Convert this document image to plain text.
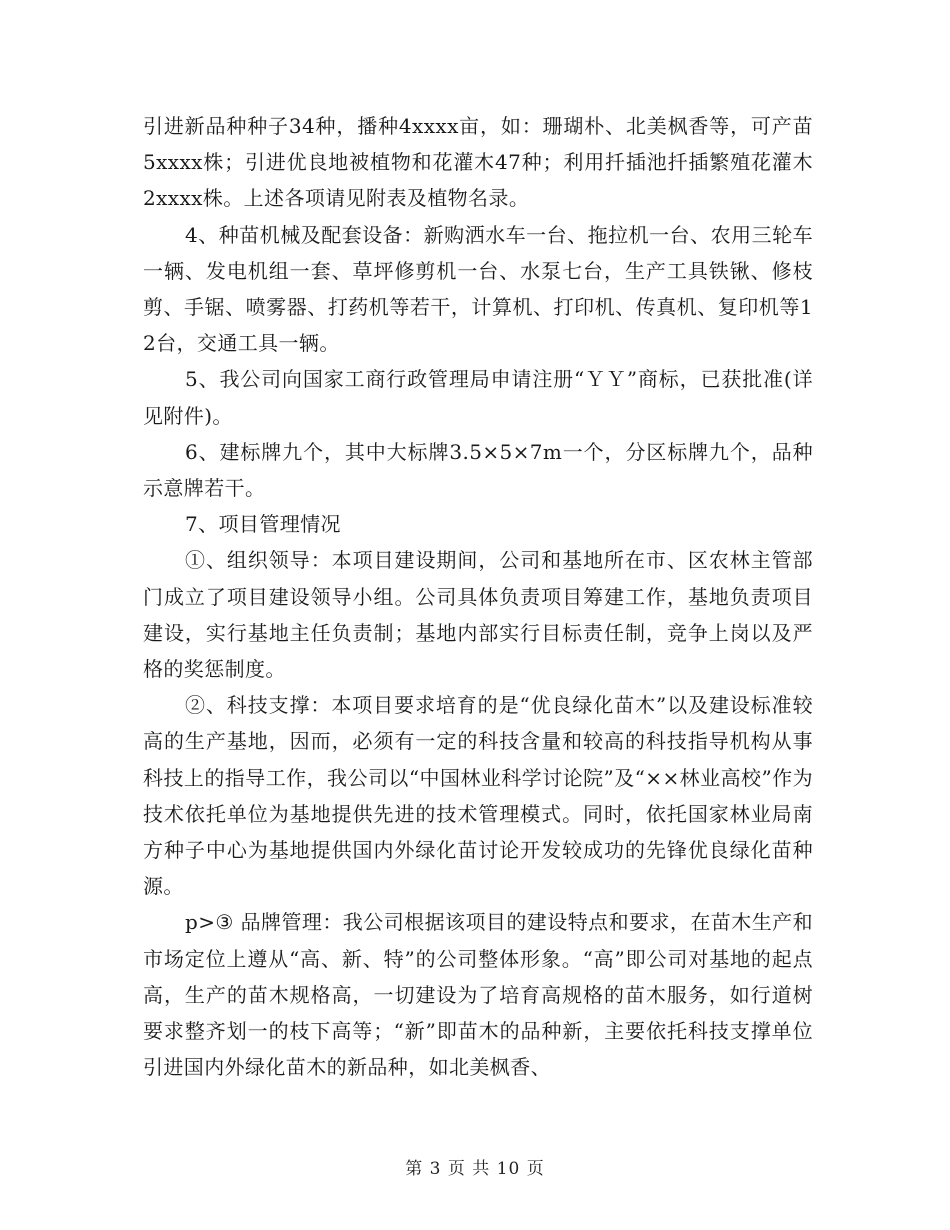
引进新品种种子34种，播种4xxxx亩，如：珊瑚朴、北美枫香等，可产苗5xxxx株；引进优良地被植物和花灌木47种；利用扦插池扦插繁殖花灌木2xxxx株。上述各项请见附表及植物名录。

4、种苗机械及配套设备：新购洒水车一台、拖拉机一台、农用三轮车一辆、发电机组一套、草坪修剪机一台、水泵七台，生产工具铁锹、修枝剪、手锯、喷雾器、打药机等若干，计算机、打印机、传真机、复印机等12台，交通工具一辆。

5、我公司向国家工商行政管理局申请注册“ＹＹ”商标，已获批准(详见附件)。

6、建标牌九个，其中大标牌3.5×5×7m一个，分区标牌九个，品种示意牌若干。

7、项目管理情况

①、组织领导：本项目建设期间，公司和基地所在市、区农林主管部门成立了项目建设领导小组。公司具体负责项目筹建工作，基地负责项目建设，实行基地主任负责制；基地内部实行目标责任制，竞争上岗以及严格的奖惩制度。

②、科技支撑：本项目要求培育的是“优良绿化苗木”以及建设标准较高的生产基地，因而，必须有一定的科技含量和较高的科技指导机构从事科技上的指导工作，我公司以“中国林业科学讨论院”及“××林业高校”作为技术依托单位为基地提供先进的技术管理模式。同时，依托国家林业局南方种子中心为基地提供国内外绿化苗讨论开发较成功的先锋优良绿化苗种源。

p>③ 品牌管理：我公司根据该项目的建设特点和要求，在苗木生产和市场定位上遵从“高、新、特”的公司整体形象。“高”即公司对基地的起点高，生产的苗木规格高，一切建设为了培育高规格的苗木服务，如行道树要求整齐划一的枝下高等；“新”即苗木的品种新，主要依托科技支撑单位引进国内外绿化苗木的新品种，如北美枫香、

第 3 页 共 10 页
